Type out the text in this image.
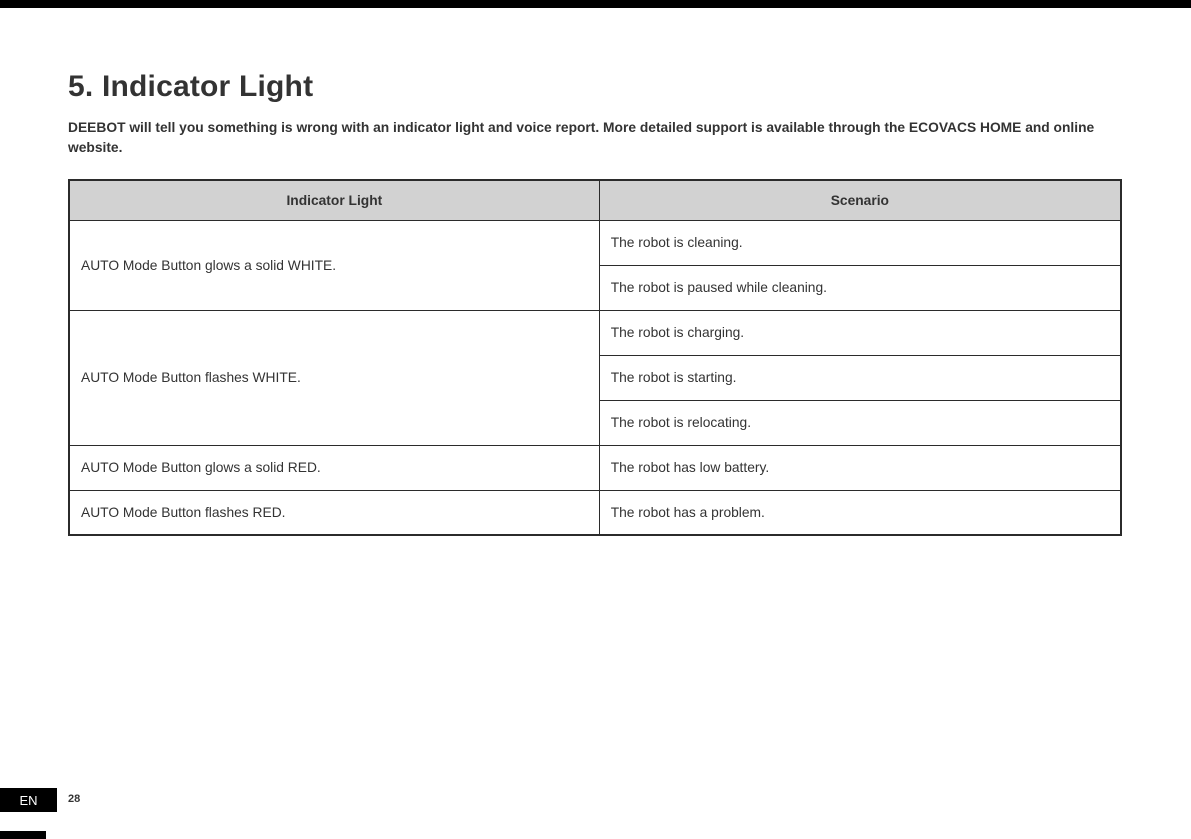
5. Indicator Light

DEEBOT will tell you something is wrong with an indicator light and voice report. More detailed support is available through the ECOVACS HOME and online website.

Indicator Light	Scenario
AUTO Mode Button glows a solid WHITE.	The robot is cleaning.
	The robot is paused while cleaning.
AUTO Mode Button flashes WHITE.	The robot is charging.
	The robot is starting.
	The robot is relocating.
AUTO Mode Button glows a solid RED.	The robot has low battery.
AUTO Mode Button flashes RED.	The robot has a problem.
EN	28
